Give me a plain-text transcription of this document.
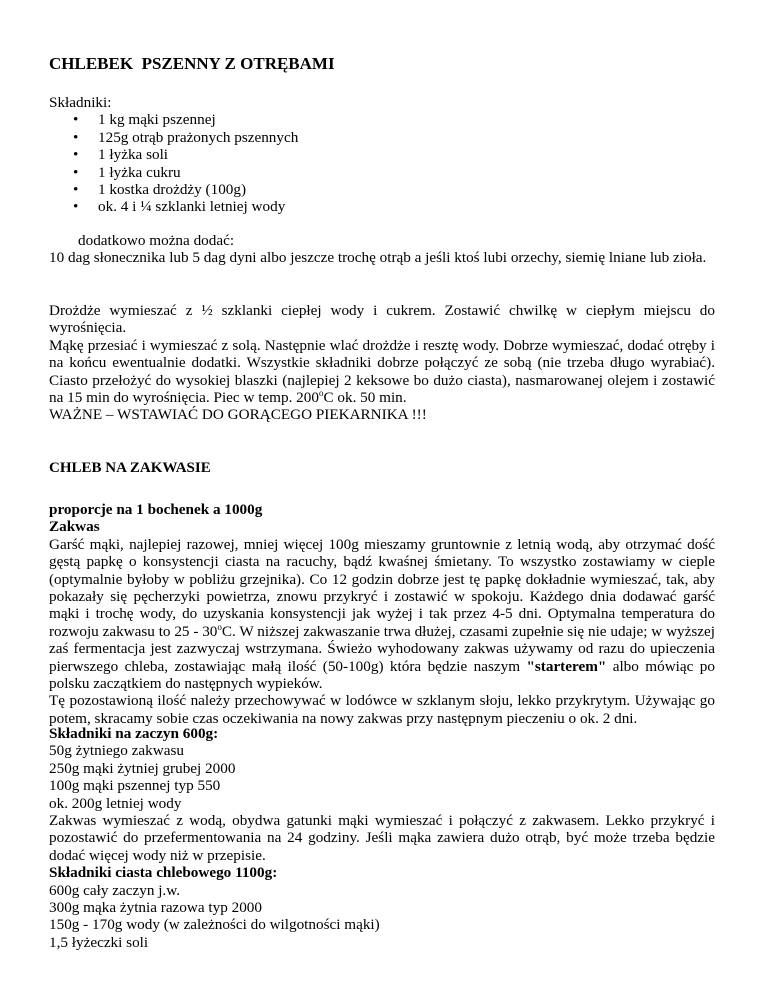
CHLEBEK  PSZENNY Z OTRĘBAMI

Składniki:

• 1 kg mąki pszennej
• 125g otrąb prażonych pszennych
• 1 łyżka soli
• 1 łyżka cukru
• 1 kostka drożdży (100g)
• ok. 4 i ¼ szklanki letniej wody

dodatkowo można dodać:

10 dag słonecznika lub 5 dag dyni albo jeszcze trochę otrąb a jeśli ktoś lubi orzechy, siemię lniane lub zioła.

Drożdże wymieszać z ½ szklanki ciepłej wody i cukrem. Zostawić chwilkę w ciepłym miejscu do wyrośnięcia.

Mąkę przesiać i wymieszać z solą. Następnie wlać drożdże i resztę wody. Dobrze wymieszać, dodać otręby i na końcu ewentualnie dodatki. Wszystkie składniki dobrze połączyć ze sobą (nie trzeba długo wyrabiać). Ciasto przełożyć do wysokiej blaszki (najlepiej 2 keksowe bo dużo ciasta), nasmarowanej olejem i zostawić na 15 min do wyrośnięcia. Piec w temp. 200$^o$C ok. 50 min.

WAŻNE – WSTAWIAĆ DO GORĄCEGO PIEKARNIKA !!!

CHLEB NA ZAKWASIE

proporcje na 1 bochenek a 1000g

Zakwas

Garść mąki, najlepiej razowej, mniej więcej 100g mieszamy gruntownie z letnią wodą, aby otrzymać dość gęstą papkę o konsystencji ciasta na racuchy, bądź kwaśnej śmietany. To wszystko zostawiamy w cieple (optymalnie byłoby w pobliżu grzejnika). Co 12 godzin dobrze jest tę papkę dokładnie wymieszać, tak, aby pokazały się pęcherzyki powietrza, znowu przykryć i zostawić w spokoju. Każdego dnia dodawać garść mąki i trochę wody, do uzyskania konsystencji jak wyżej i tak przez 4-5 dni. Optymalna temperatura do rozwoju zakwasu to 25 - 30$^o$C. W niższej zakwaszanie trwa dłużej, czasami zupełnie się nie udaje; w wyższej zaś fermentacja jest zazwyczaj wstrzymana. Świeżo wyhodowany zakwas używamy od razu do upieczenia pierwszego chleba, zostawiając małą ilość (50-100g) która będzie naszym "starterem" albo mówiąc po polsku zaczątkiem do następnych wypieków.

Tę pozostawioną ilość należy przechowywać w lodówce w szklanym słoju, lekko przykrytym. Używając go potem, skracamy sobie czas oczekiwania na nowy zakwas przy następnym pieczeniu o ok. 2 dni.

Składniki na zaczyn 600g:

50g żytniego zakwasu

250g mąki żytniej grubej 2000

100g mąki pszennej typ 550

ok. 200g letniej wody

Zakwas wymieszać z wodą, obydwa gatunki mąki wymieszać i połączyć z zakwasem. Lekko przykryć i pozostawić do przefermentowania na 24 godziny. Jeśli mąka zawiera dużo otrąb, być może trzeba będzie dodać więcej wody niż w przepisie.

Składniki ciasta chlebowego 1100g:

600g cały zaczyn j.w.

300g mąka żytnia razowa typ 2000

150g - 170g wody (w zależności do wilgotności mąki)

1,5 łyżeczki soli
